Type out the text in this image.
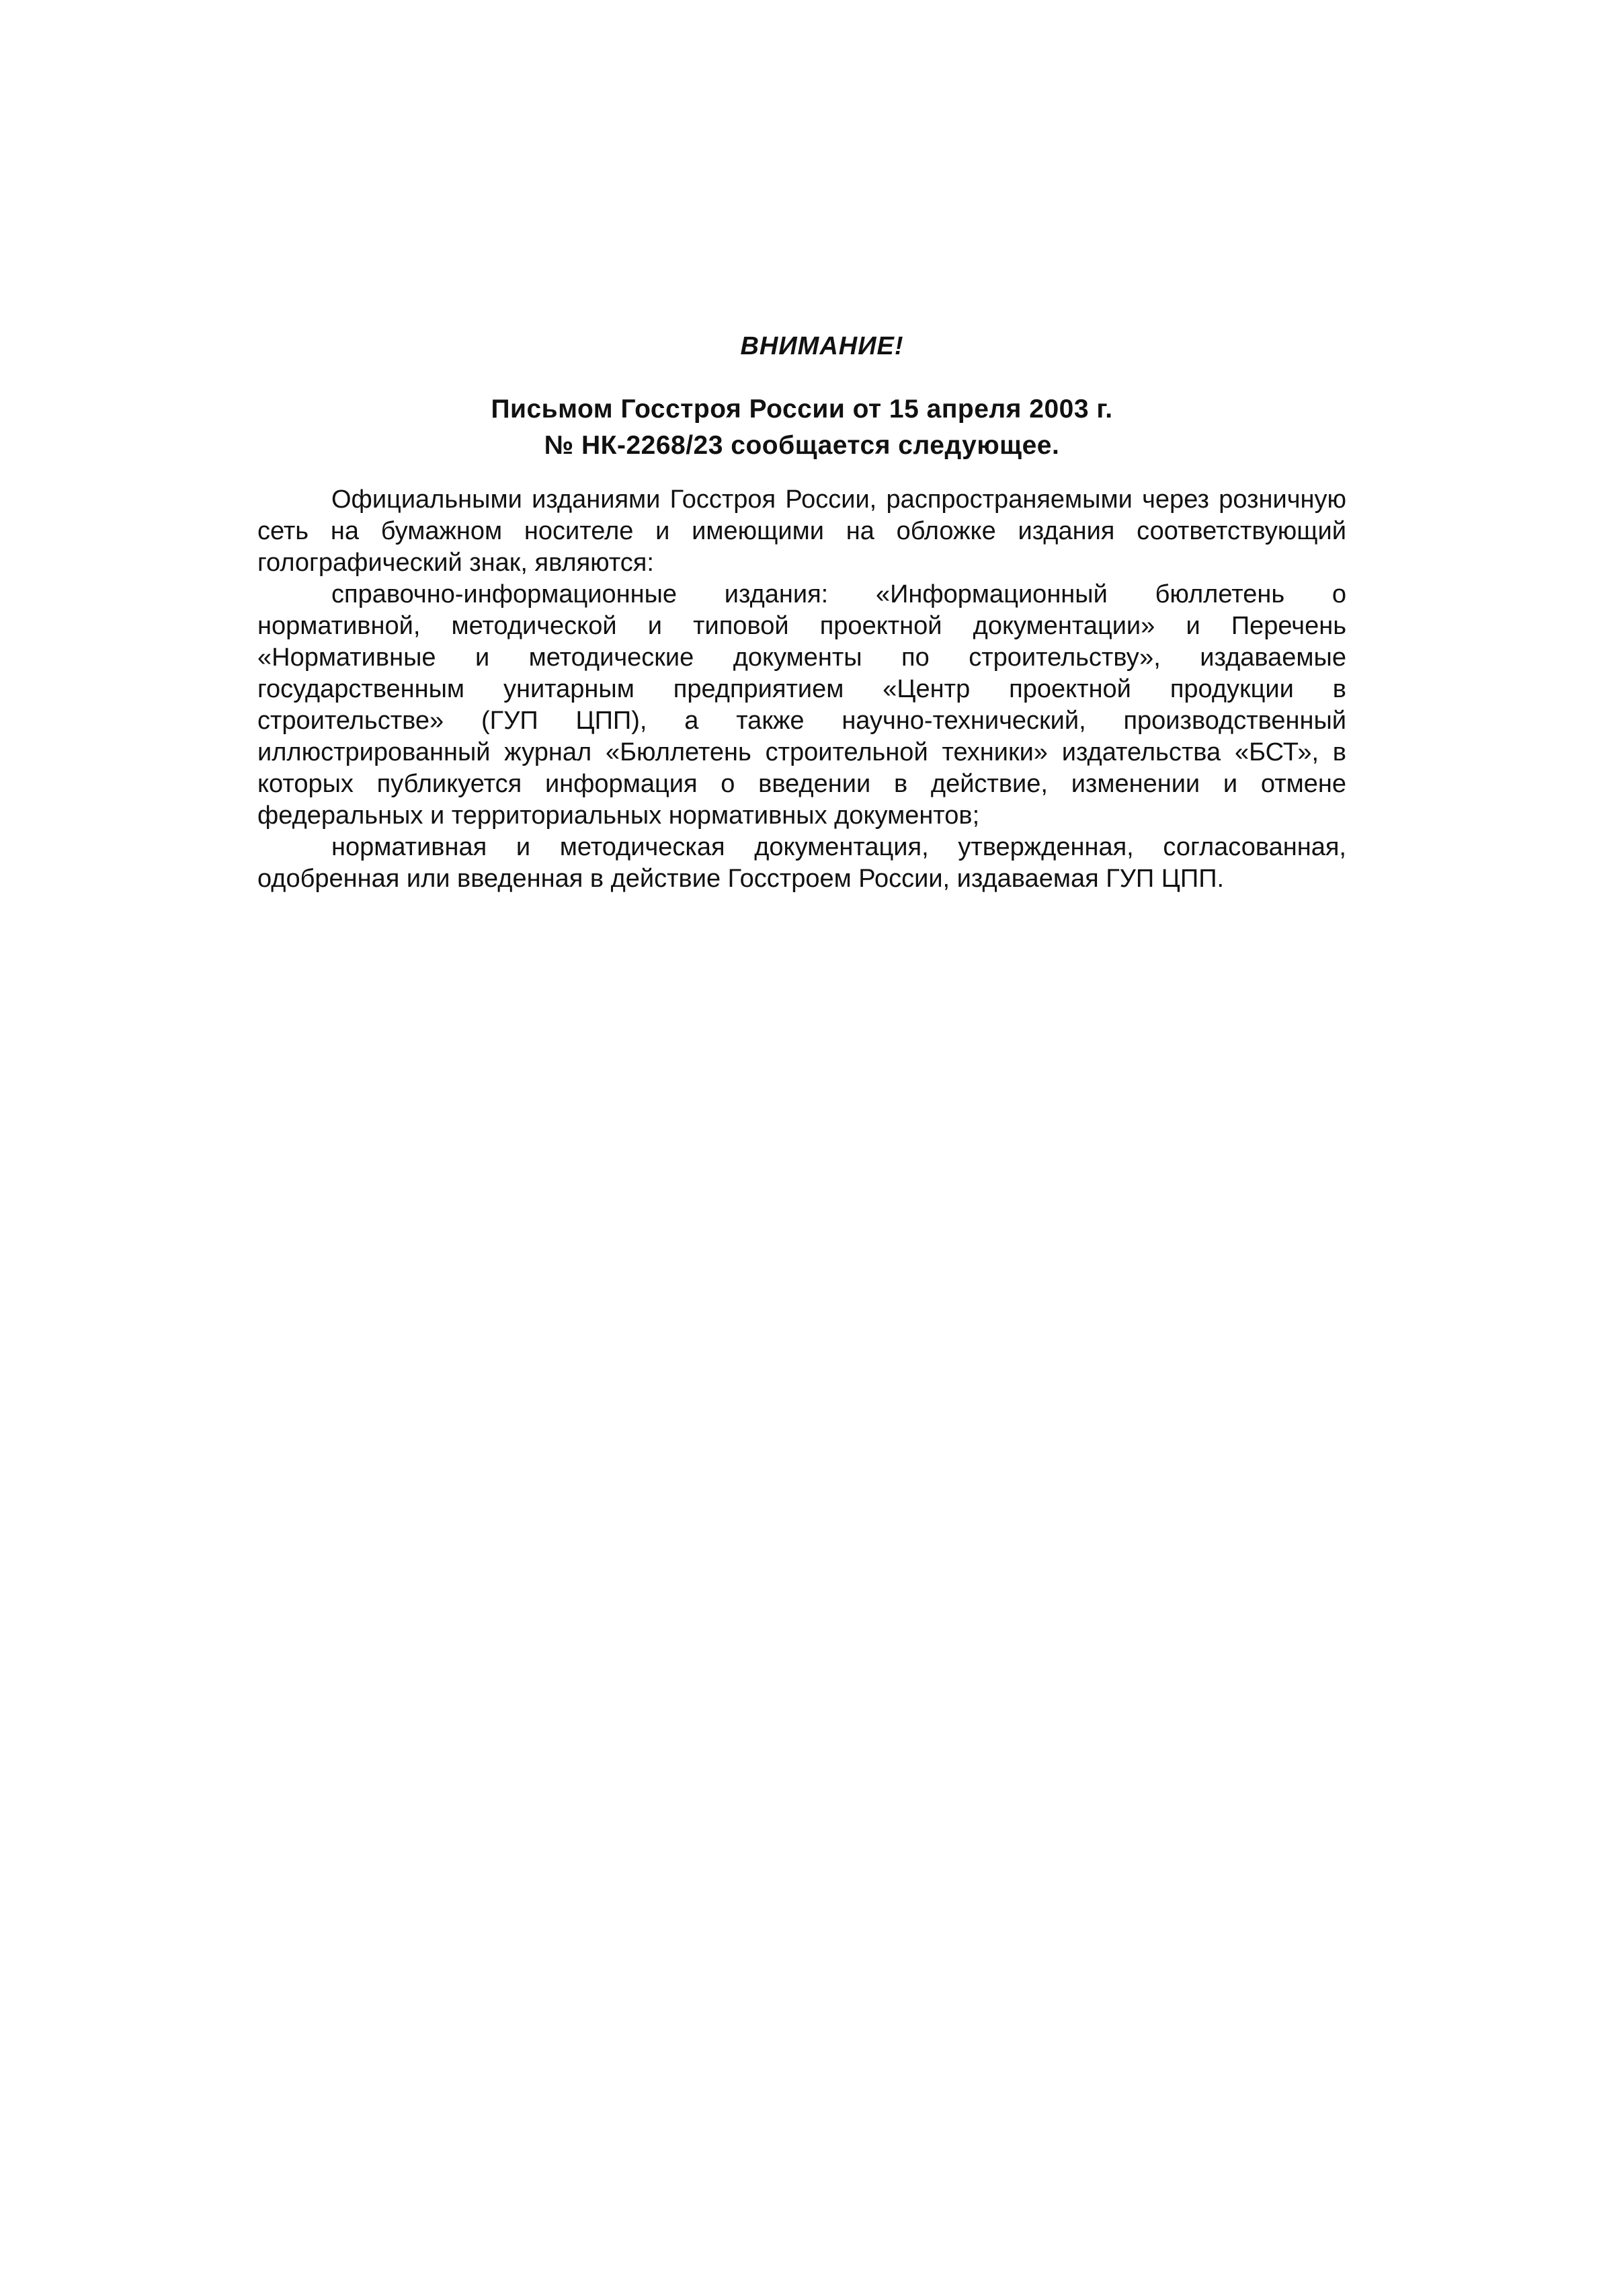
ВНИМАНИЕ!
Письмом Госстроя России от 15 апреля 2003 г.
№ НК-2268/23 сообщается следующее.

Официальными изданиями Госстроя России, распространяемыми через розничную сеть на бумажном носителе и имеющими на обложке издания соответствующий голографический знак, являются:

справочно-информационные издания: «Информационный бюллетень о нормативной, методической и типовой проектной документации» и Перечень «Нормативные и методические документы по строительству», издаваемые государственным унитарным предприятием «Центр проектной продукции в строительстве» (ГУП ЦПП), а также научно-технический, производственный иллюстрированный журнал «Бюллетень строительной техники» издательства «БСТ», в которых публикуется информация о введении в действие, изменении и отмене федеральных и территориальных нормативных документов;

нормативная и методическая документация, утвержденная, согласованная, одобренная или введенная в действие Госстроем России, издаваемая ГУП ЦПП.
